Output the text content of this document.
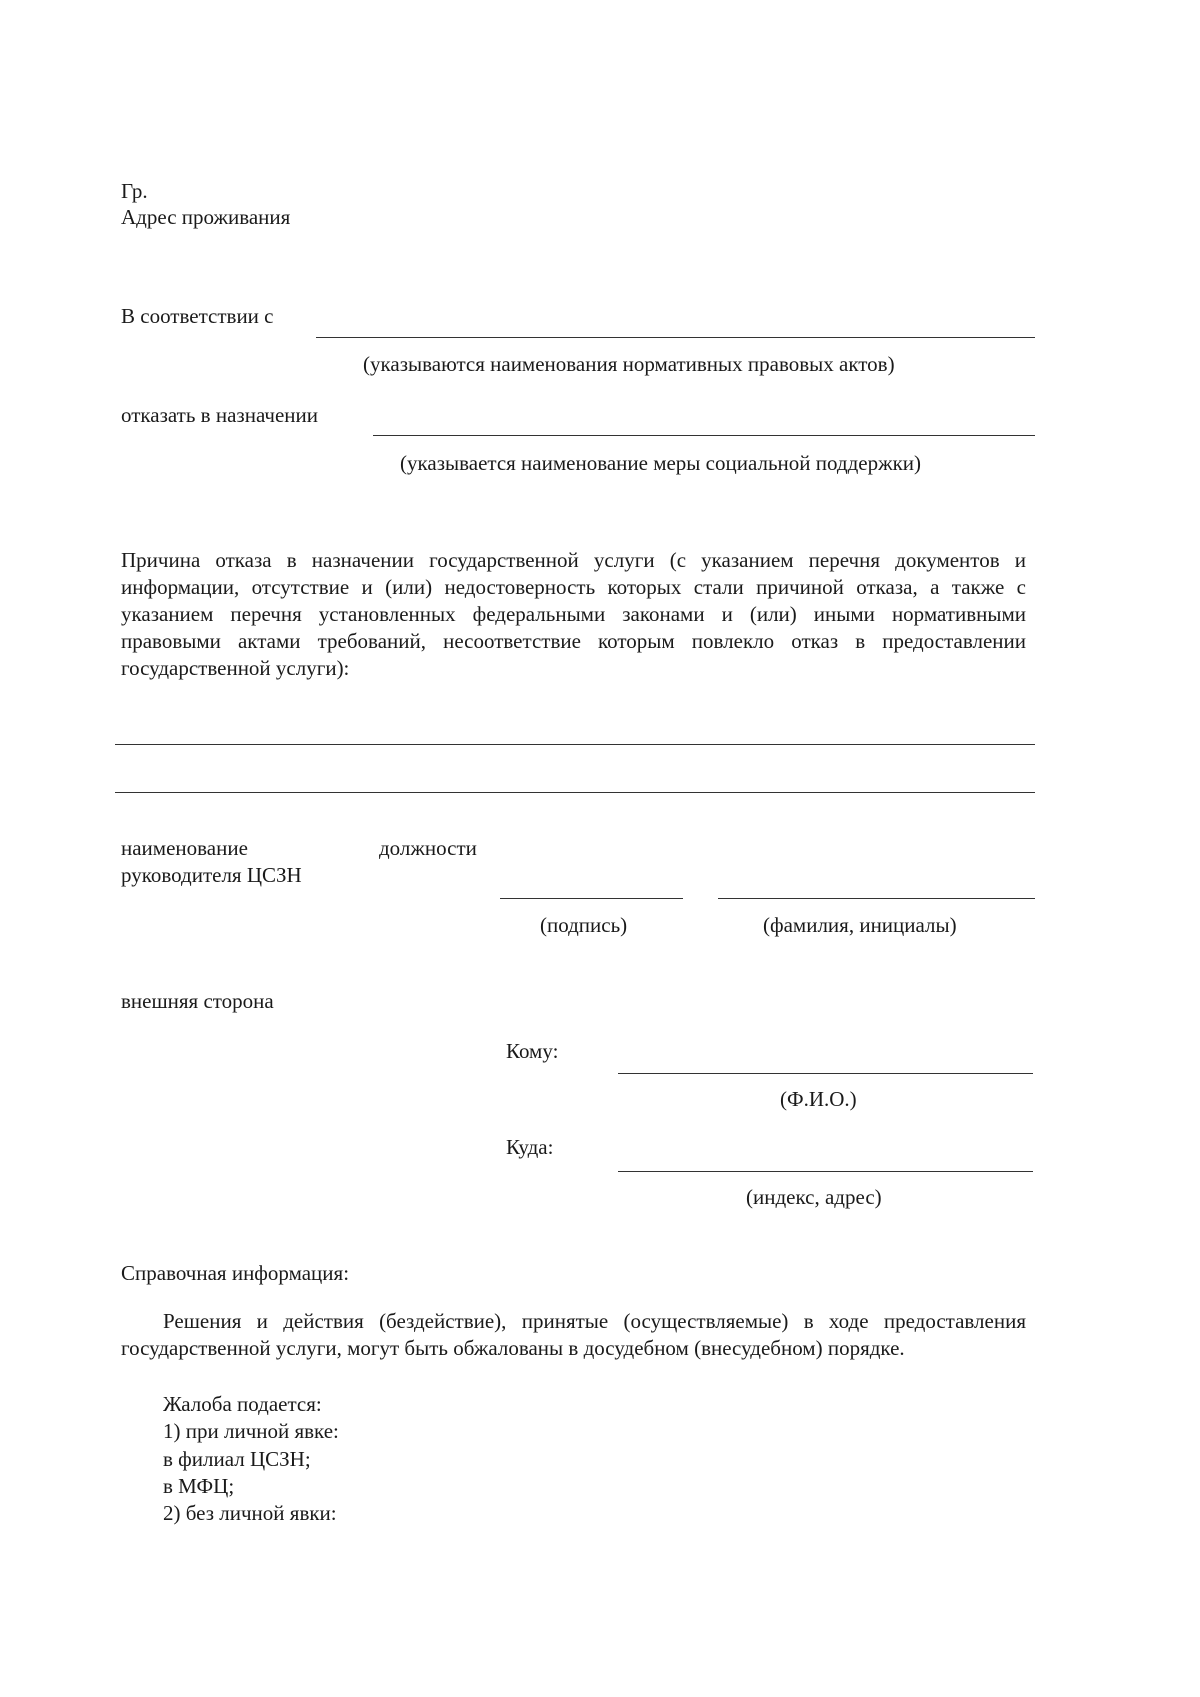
Гр.
Адрес проживания
В соответствии с
(указываются наименования нормативных правовых актов)
отказать в назначении
(указывается наименование меры социальной поддержки)
Причина отказа в назначении государственной услуги (с указанием перечня документов и информации, отсутствие и (или) недостоверность которых стали причиной отказа, а также с указанием перечня установленных федеральными законами и (или) иными нормативными правовыми актами требований, несоответствие которым повлекло отказ в предоставлении государственной услуги):
наименование	должности
руководителя ЦСЗН
(подпись)	(фамилия, инициалы)
внешняя сторона
Кому:
(Ф.И.О.)
Куда:
(индекс, адрес)
Справочная информация:
Решения и действия (бездействие), принятые (осуществляемые) в ходе предоставления государственной услуги, могут быть обжалованы в досудебном (внесудебном) порядке.
Жалоба подается:
1) при личной явке:
в филиал ЦСЗН;
в МФЦ;
2) без личной явки:
